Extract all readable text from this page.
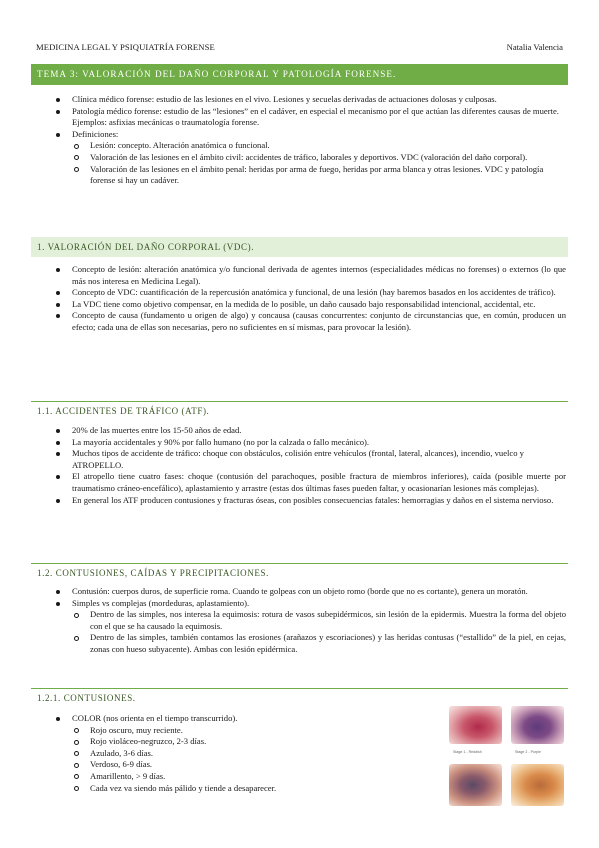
MEDICINA LEGAL Y PSIQUIATRÍA FORENSE	Natalia Valencia
TEMA 3: VALORACIÓN DEL DAÑO CORPORAL Y PATOLOGÍA FORENSE.
Clínica médico forense: estudio de las lesiones en el vivo. Lesiones y secuelas derivadas de actuaciones dolosas y culposas.
Patología médico forense: estudio de las “lesiones” en el cadáver, en especial el mecanismo por el que actúan las diferentes causas de muerte. Ejemplos: asfixias mecánicas o traumatología forense.
Definiciones:
Lesión: concepto. Alteración anatómica o funcional.
Valoración de las lesiones en el ámbito civil: accidentes de tráfico, laborales y deportivos. VDC (valoración del daño corporal).
Valoración de las lesiones en el ámbito penal: heridas por arma de fuego, heridas por arma blanca y otras lesiones. VDC y patología forense si hay un cadáver.
1. VALORACIÓN DEL DAÑO CORPORAL (VDC).
Concepto de lesión: alteración anatómica y/o funcional derivada de agentes internos (especialidades médicas no forenses) o externos (lo que más nos interesa en Medicina Legal).
Concepto de VDC: cuantificación de la repercusión anatómica y funcional, de una lesión (hay baremos basados en los accidentes de tráfico).
La VDC tiene como objetivo compensar, en la medida de lo posible, un daño causado bajo responsabilidad intencional, accidental, etc.
Concepto de causa (fundamento u origen de algo) y concausa (causas concurrentes: conjunto de circunstancias que, en común, producen un efecto; cada una de ellas son necesarias, pero no suficientes en sí mismas, para provocar la lesión).
1.1. ACCIDENTES DE TRÁFICO (ATF).
20% de las muertes entre los 15-50 años de edad.
La mayoría accidentales y 90% por fallo humano (no por la calzada o fallo mecánico).
Muchos tipos de accidente de tráfico: choque con obstáculos, colisión entre vehículos (frontal, lateral, alcances), incendio, vuelco y ATROPELLO.
El atropello tiene cuatro fases: choque (contusión del parachoques, posible fractura de miembros inferiores), caída (posible muerte por traumatismo cráneo-encefálico), aplastamiento y arrastre (estas dos últimas fases pueden faltar, y ocasionarían lesiones más complejas).
En general los ATF producen contusiones y fracturas óseas, con posibles consecuencias fatales: hemorragias y daños en el sistema nervioso.
1.2. CONTUSIONES, CAÍDAS Y PRECIPITACIONES.
Contusión: cuerpos duros, de superficie roma. Cuando te golpeas con un objeto romo (borde que no es cortante), genera un moratón.
Simples vs complejas (mordeduras, aplastamiento).
Dentro de las simples, nos interesa la equimosis: rotura de vasos subepidérmicos, sin lesión de la epidermis. Muestra la forma del objeto con el que se ha causado la equimosis.
Dentro de las simples, también contamos las erosiones (arañazos y escoriaciones) y las heridas contusas (“estallido” de la piel, en cejas, zonas con hueso subyacente). Ambas con lesión epidérmica.
1.2.1. CONTUSIONES.
COLOR (nos orienta en el tiempo transcurrido).
Rojo oscuro, muy reciente.
Rojo violáceo-negruzco, 2-3 días.
Azulado, 3-6 días.
Verdoso, 6-9 días.
Amarillento, > 9 días.
Cada vez va siendo más pálido y tiende a desaparecer.
Stage 1 - Reddish	Stage 2 - Purple
